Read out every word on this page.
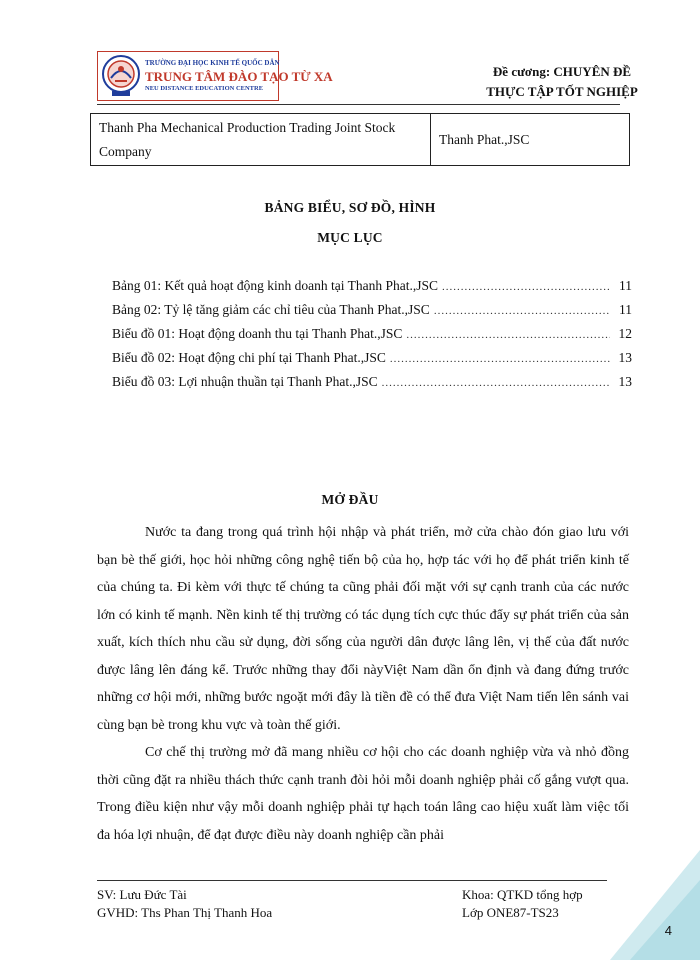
TRƯỜNG ĐẠI HỌC KINH TẾ QUỐC DÂN
TRUNG TÂM ĐÀO TẠO TỪ XA
NEU DISTANCE EDUCATION CENTRE
Đề cương: CHUYÊN ĐỀ
THỰC TẬP TỐT NGHIỆP
Thanh Pha Mechanical Production Trading Joint Stock Company
Thanh Phat.,JSC
BẢNG BIỂU, SƠ ĐỒ, HÌNH
MỤC LỤC
Bảng 01: Kết quả hoạt động kinh doanh tại Thanh Phat.,JSC .....	11
Bảng 02: Tỷ lệ tăng giảm các chỉ tiêu của Thanh Phat.,JSC .....	11
Biểu đồ 01: Hoạt động doanh thu tại Thanh Phat.,JSC .....	12
Biểu đồ 02: Hoạt động chi phí tại Thanh Phat.,JSC .....	13
Biểu đồ 03: Lợi nhuận thuần tại Thanh Phat.,JSC .....	13
MỞ ĐẦU

Nước ta đang trong quá trình hội nhập và phát triển, mở cửa chào đón giao lưu với bạn bè thế giới, học hỏi những công nghệ tiến bộ của họ, hợp tác với họ để phát triển kinh tế của chúng ta. Đi kèm với thực tế chúng ta cũng phải đối mặt với sự cạnh tranh của các nước lớn có kinh tế mạnh. Nền kinh tế thị trường có tác dụng tích cực thúc đẩy sự phát triển của sản xuất, kích thích nhu cầu sử dụng, đời sống của người dân được lâng lên, vị thế của đất nước được lâng lên đáng kể. Trước những thay đổi nàyViệt Nam dần ổn định và đang đứng trước những cơ hội mới, những bước ngoặt mới đây là tiền đề có thể đưa Việt Nam tiến lên sánh vai cùng bạn bè trong khu vực và toàn thế giới.

Cơ chế thị trường mở đã mang nhiều cơ hội cho các doanh nghiệp vừa và nhỏ đồng thời cũng đặt ra nhiều thách thức cạnh tranh đòi hỏi mỗi doanh nghiệp phải cố gắng vượt qua. Trong điều kiện như vậy mỗi doanh nghiệp phải tự hạch toán lâng cao hiệu xuất làm việc tối đa hóa lợi nhuận, để đạt được điều này doanh nghiệp cần phải

SV: Lưu Đức Tài
GVHD: Ths Phan Thị Thanh Hoa
Khoa: QTKD tổng hợp
Lớp ONE87-TS23
4
